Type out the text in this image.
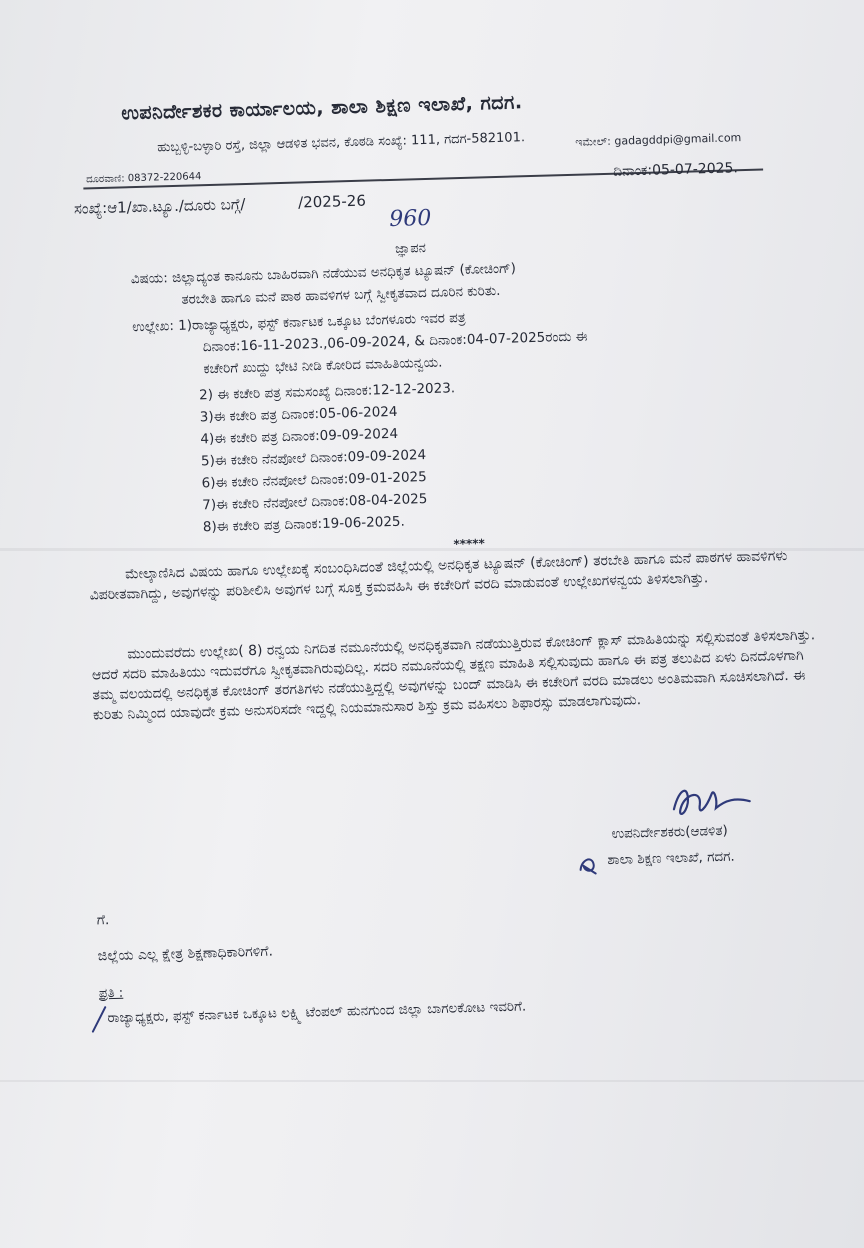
ಉಪನಿರ್ದೇಶಕರ ಕಾರ್ಯಾಲಯ, ಶಾಲಾ ಶಿಕ್ಷಣ ಇಲಾಖೆ, ಗದಗ.
ಹುಬ್ಬಳ್ಳಿ-ಬಳ್ಳಾರಿ ರಸ್ತೆ, ಜಿಲ್ಲಾ ಆಡಳಿತ ಭವನ, ಕೊಠಡಿ ಸಂಖ್ಯೆ: 111, ಗದಗ-582101.
ದೂರವಾಣಿ: 08372-220644
ಇಮೇಲ್: gadagddpi@gmail.com
ಸಂಖ್ಯೆ:ಆ1/ಖಾ.ಟ್ಯೂ./ದೂರು ಬಗ್ಗೆ/	/2025-26
960
ದಿನಾಂಕ:05-07-2025.
ಜ್ಞಾಪನ
ವಿಷಯ: ಜಿಲ್ಲಾದ್ಯಂತ ಕಾನೂನು ಬಾಹಿರವಾಗಿ ನಡೆಯುವ ಅನಧಿಕೃತ ಟ್ಯೂಷನ್ (ಕೋಚಿಂಗ್)
ತರಬೇತಿ ಹಾಗೂ ಮನೆ ಪಾಠ ಹಾವಳಿಗಳ ಬಗ್ಗೆ ಸ್ವೀಕೃತವಾದ ದೂರಿನ ಕುರಿತು.
ಉಲ್ಲೇಖ: 1)ರಾಜ್ಯಾಧ್ಯಕ್ಷರು, ಫಸ್ಟ್ ಕರ್ನಾಟಕ ಒಕ್ಕೂಟ ಬೆಂಗಳೂರು ಇವರ ಪತ್ರ
ದಿನಾಂಕ:16-11-2023.,06-09-2024, & ದಿನಾಂಕ:04-07-2025ರಂದು ಈ
ಕಚೇರಿಗೆ ಖುದ್ದು ಭೇಟಿ ನೀಡಿ ಕೋರಿದ ಮಾಹಿತಿಯನ್ವಯ.
2) ಈ ಕಚೇರಿ ಪತ್ರ ಸಮಸಂಖ್ಯೆ ದಿನಾಂಕ:12-12-2023.
3)ಈ ಕಚೇರಿ ಪತ್ರ ದಿನಾಂಕ:05-06-2024
4)ಈ ಕಚೇರಿ ಪತ್ರ ದಿನಾಂಕ:09-09-2024
5)ಈ ಕಚೇರಿ ನೆನಪೋಲೆ ದಿನಾಂಕ:09-09-2024
6)ಈ ಕಚೇರಿ ನೆನಪೋಲೆ ದಿನಾಂಕ:09-01-2025
7)ಈ ಕಚೇರಿ ನೆನಪೋಲೆ ದಿನಾಂಕ:08-04-2025
8)ಈ ಕಚೇರಿ ಪತ್ರ ದಿನಾಂಕ:19-06-2025.
*****
ಮೇಲ್ಕಾಣಿಸಿದ ವಿಷಯ ಹಾಗೂ ಉಲ್ಲೇಖಕ್ಕೆ ಸಂಬಂಧಿಸಿದಂತೆ ಜಿಲ್ಲೆಯಲ್ಲಿ ಅನಧಿಕೃತ ಟ್ಯೂಷನ್ (ಕೋಚಿಂಗ್) ತರಬೇತಿ ಹಾಗೂ ಮನೆ ಪಾಠಗಳ ಹಾವಳಿಗಳು ವಿಪರೀತವಾಗಿದ್ದು, ಅವುಗಳನ್ನು ಪರಿಶೀಲಿಸಿ ಅವುಗಳ ಬಗ್ಗೆ ಸೂಕ್ತ ಕ್ರಮವಹಿಸಿ ಈ ಕಚೇರಿಗೆ ವರದಿ ಮಾಡುವಂತೆ ಉಲ್ಲೇಖಗಳನ್ವಯ ತಿಳಿಸಲಾಗಿತ್ತು.
ಮುಂದುವರೆದು ಉಲ್ಲೇಖ( 8) ರನ್ವಯ ನಿಗದಿತ ನಮೂನೆಯಲ್ಲಿ ಅನಧಿಕೃತವಾಗಿ ನಡೆಯುತ್ತಿರುವ ಕೋಚಿಂಗ್ ಕ್ಲಾಸ್ ಮಾಹಿತಿಯನ್ನು ಸಲ್ಲಿಸುವಂತೆ ತಿಳಿಸಲಾಗಿತ್ತು. ಆದರೆ ಸದರಿ ಮಾಹಿತಿಯು ಇದುವರೆಗೂ ಸ್ವೀಕೃತವಾಗಿರುವುದಿಲ್ಲ. ಸದರಿ ನಮೂನೆಯಲ್ಲಿ ತಕ್ಷಣ ಮಾಹಿತಿ ಸಲ್ಲಿಸುವುದು ಹಾಗೂ ಈ ಪತ್ರ ತಲುಪಿದ ಏಳು ದಿನದೊಳಗಾಗಿ ತಮ್ಮ ವಲಯದಲ್ಲಿ ಅನಧಿಕೃತ ಕೋಚಿಂಗ್ ತರಗತಿಗಳು ನಡೆಯುತ್ತಿದ್ದಲ್ಲಿ ಅವುಗಳನ್ನು ಬಂದ್ ಮಾಡಿಸಿ ಈ ಕಚೇರಿಗೆ ವರದಿ ಮಾಡಲು ಅಂತಿಮವಾಗಿ ಸೂಚಿಸಲಾಗಿದೆ. ಈ ಕುರಿತು ನಿಮ್ಮಿಂದ ಯಾವುದೇ ಕ್ರಮ ಅನುಸರಿಸದೇ ಇದ್ದಲ್ಲಿ ನಿಯಮಾನುಸಾರ ಶಿಸ್ತು ಕ್ರಮ ವಹಿಸಲು ಶಿಫಾರಸ್ಸು ಮಾಡಲಾಗುವುದು.
ಉಪನಿರ್ದೇಶಕರು(ಆಡಳಿತ)
ಶಾಲಾ ಶಿಕ್ಷಣ ಇಲಾಖೆ, ಗದಗ.
ಗೆ.
ಜಿಲ್ಲೆಯ ಎಲ್ಲ ಕ್ಷೇತ್ರ ಶಿಕ್ಷಣಾಧಿಕಾರಿಗಳಿಗೆ.
ಪ್ರತಿ :
ರಾಜ್ಯಾಧ್ಯಕ್ಷರು, ಫಸ್ಟ್ ಕರ್ನಾಟಕ ಒಕ್ಕೂಟ ಲಕ್ಷ್ಮಿ ಟೆಂಪಲ್ ಹುನಗುಂದ ಜಿಲ್ಲಾ ಬಾಗಲಕೋಟ ಇವರಿಗೆ.
